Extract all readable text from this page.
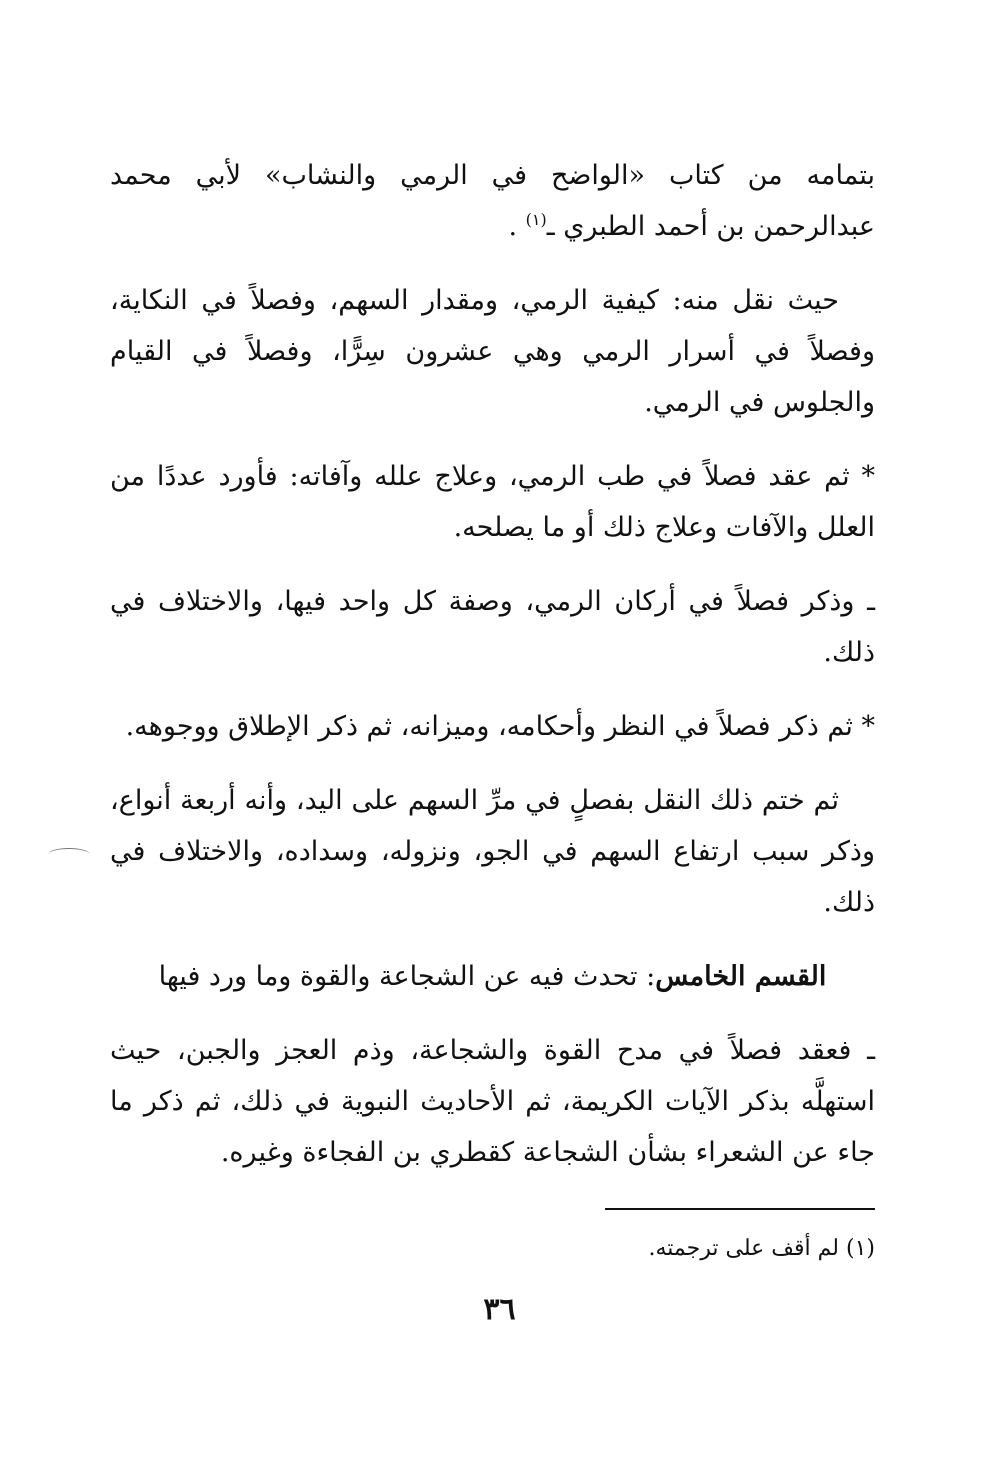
بتمامه من كتاب «الواضح في الرمي والنشاب» لأبي محمد عبدالرحمن بن أحمد الطبري ـ$^{(١)}$ .

حيث نقل منه: كيفية الرمي، ومقدار السهم، وفصلاً في النكاية، وفصلاً في أسرار الرمي وهي عشرون سِرًّا، وفصلاً في القيام والجلوس في الرمي.

* ثم عقد فصلاً في طب الرمي، وعلاج علله وآفاته: فأورد عددًا من العلل والآفات وعلاج ذلك أو ما يصلحه.

ـ وذكر فصلاً في أركان الرمي، وصفة كل واحد فيها، والاختلاف في ذلك.

* ثم ذكر فصلاً في النظر وأحكامه، وميزانه، ثم ذكر الإطلاق ووجوهه.

ثم ختم ذلك النقل بفصلٍ في مرِّ السهم على اليد، وأنه أربعة أنواع، وذكر سبب ارتفاع السهم في الجو، ونزوله، وسداده، والاختلاف في ذلك.

القسم الخامس: تحدث فيه عن الشجاعة والقوة وما ورد فيها

ـ فعقد فصلاً في مدح القوة والشجاعة، وذم العجز والجبن، حيث استهلَّه بذكر الآيات الكريمة، ثم الأحاديث النبوية في ذلك، ثم ذكر ما جاء عن الشعراء بشأن الشجاعة كقطري بن الفجاءة وغيره.

(١) لم أقف على ترجمته.
٣٦
